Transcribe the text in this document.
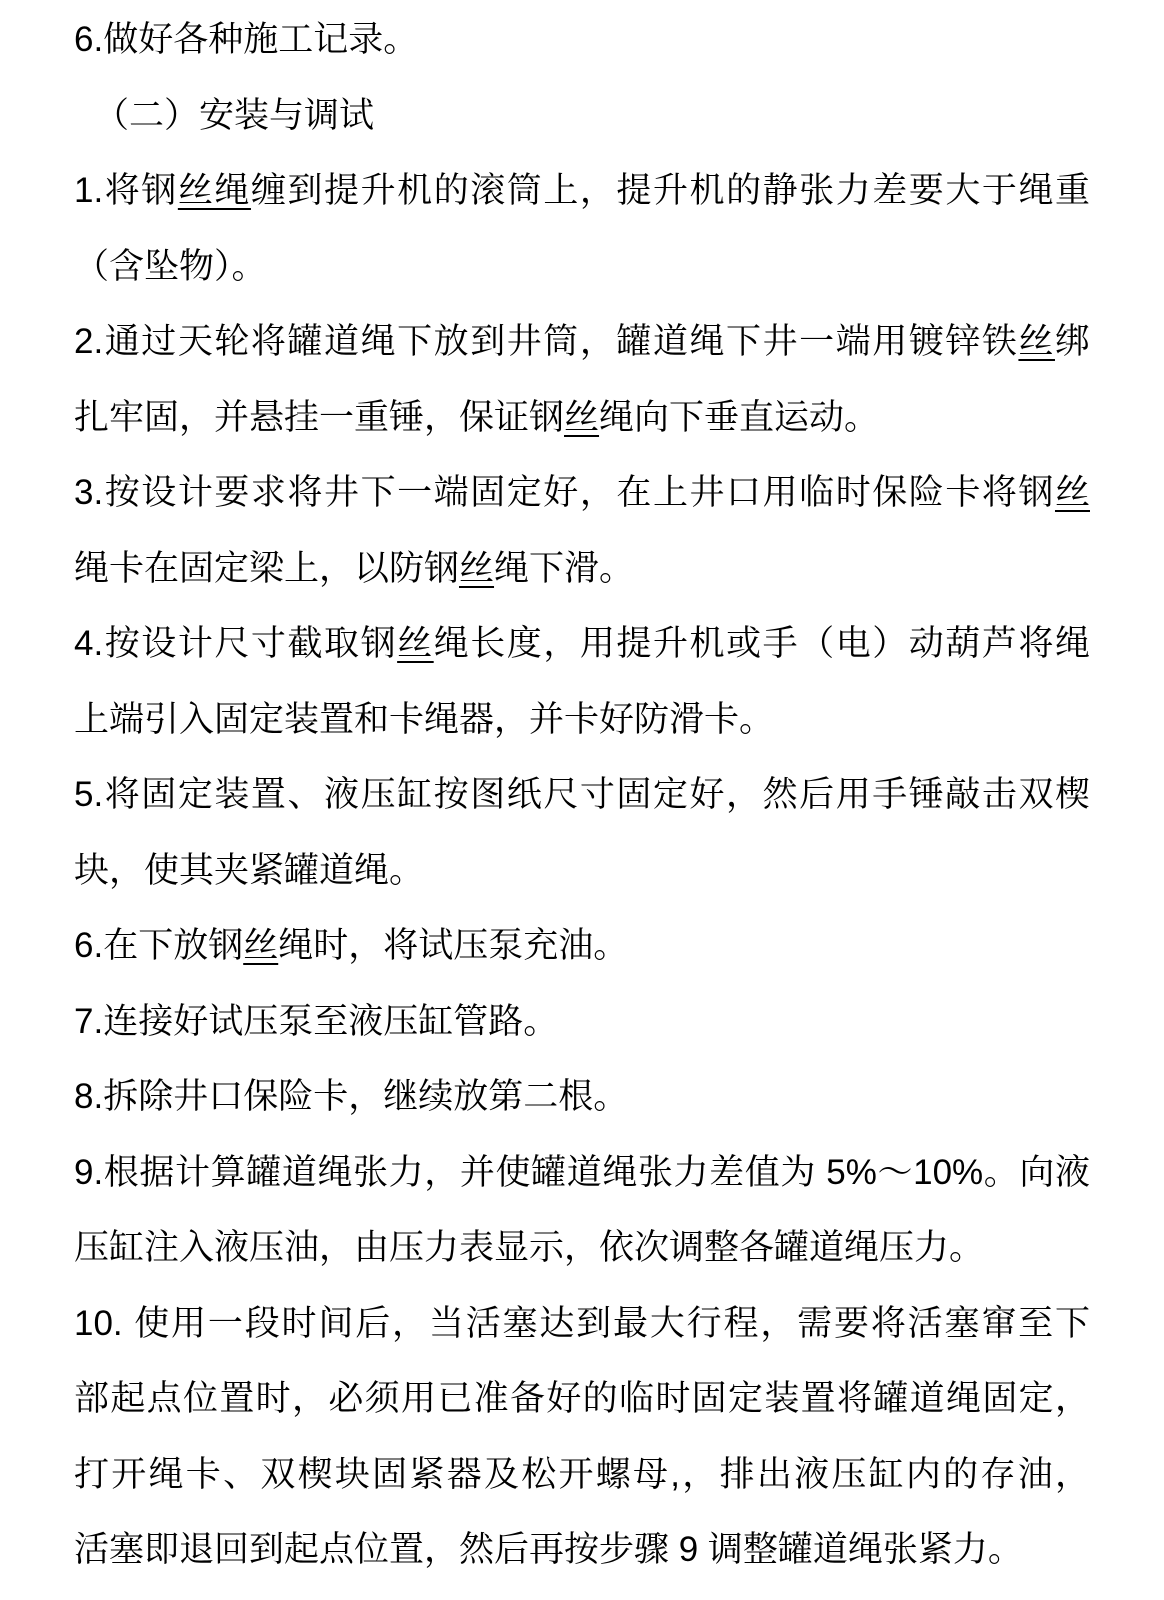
6.做好各种施工记录。
（二）安装与调试
1.将钢丝绳缠到提升机的滚筒上，提升机的静张力差要大于绳重
（含坠物）。
2.通过天轮将罐道绳下放到井筒，罐道绳下井一端用镀锌铁丝绑
扎牢固，并悬挂一重锤，保证钢丝绳向下垂直运动。
3.按设计要求将井下一端固定好，在上井口用临时保险卡将钢丝
绳卡在固定梁上，以防钢丝绳下滑。
4.按设计尺寸截取钢丝绳长度，用提升机或手（电）动葫芦将绳
上端引入固定装置和卡绳器，并卡好防滑卡。
5.将固定装置、液压缸按图纸尺寸固定好，然后用手锤敲击双楔
块，使其夹紧罐道绳。
6.在下放钢丝绳时，将试压泵充油。
7.连接好试压泵至液压缸管路。
8.拆除井口保险卡，继续放第二根。
9.根据计算罐道绳张力，并使罐道绳张力差值为 5%～10%。向液
压缸注入液压油，由压力表显示，依次调整各罐道绳压力。
10. 使用一段时间后，当活塞达到最大行程，需要将活塞窜至下
部起点位置时，必须用已准备好的临时固定装置将罐道绳固定，
打开绳卡、双楔块固紧器及松开螺母,，排出液压缸内的存油，
活塞即退回到起点位置，然后再按步骤 9 调整罐道绳张紧力。
